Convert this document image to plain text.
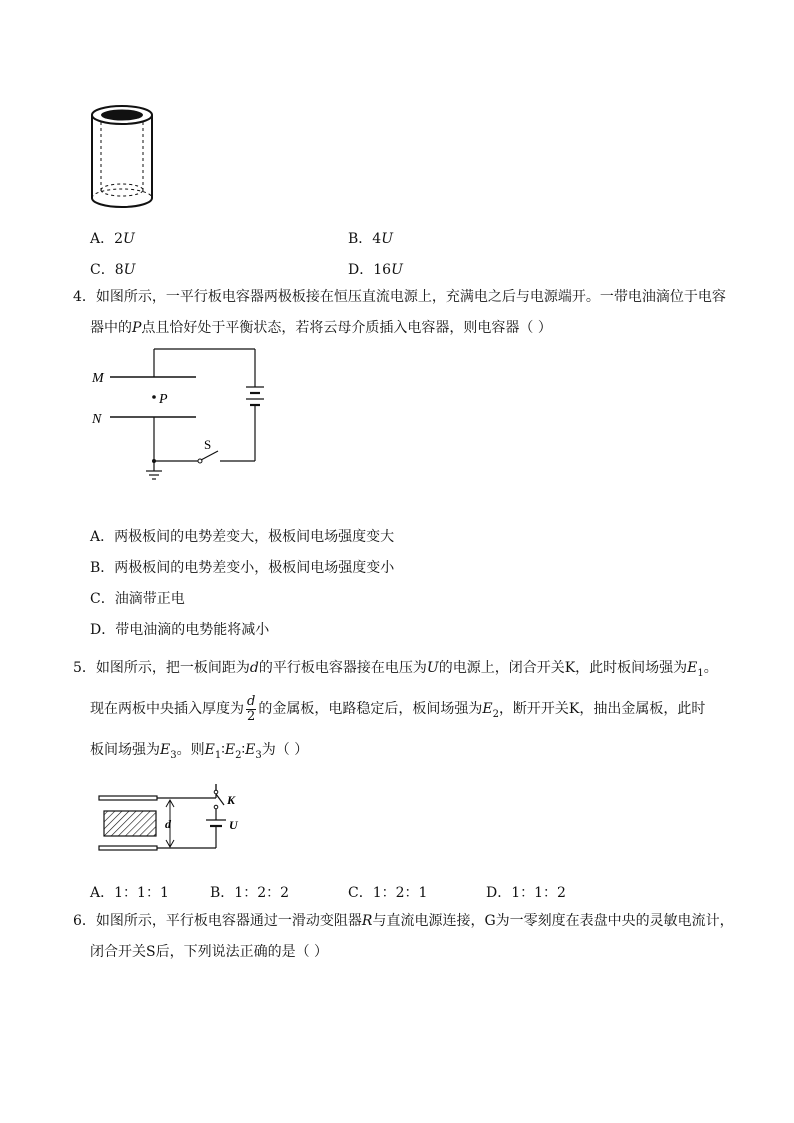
A．2U	B．4U
C．8U	D．16U
4．如图所示，一平行板电容器两极板接在恒压直流电源上，充满电之后与电源端开。一带电油滴位于电容
器中的P点且恰好处于平衡状态，若将云母介质插入电容器，则电容器（ ）
M
N
P
S
A．两极板间的电势差变大，极板间电场强度变大
B．两极板间的电势差变小，极板间电场强度变小
C．油滴带正电
D．带电油滴的电势能将减小
5．如图所示，把一板间距为d的平行板电容器接在电压为U的电源上，闭合开关K，此时板间场强为$E_1$。
现在两板中央插入厚度为 $\frac{d}{2}$ 的金属板，电路稳定后，板间场强为$E_2$，断开开关K，抽出金属板，此时
板间场强为$E_3$。则$E_1∶E_2∶E_3$为（ ）
d
K
U
A．1：1：1	B．1：2：2	C．1：2：1	D．1：1：2
6．如图所示，平行板电容器通过一滑动变阻器R与直流电源连接，G为一零刻度在表盘中央的灵敏电流计，
闭合开关S后，下列说法正确的是（ ）
